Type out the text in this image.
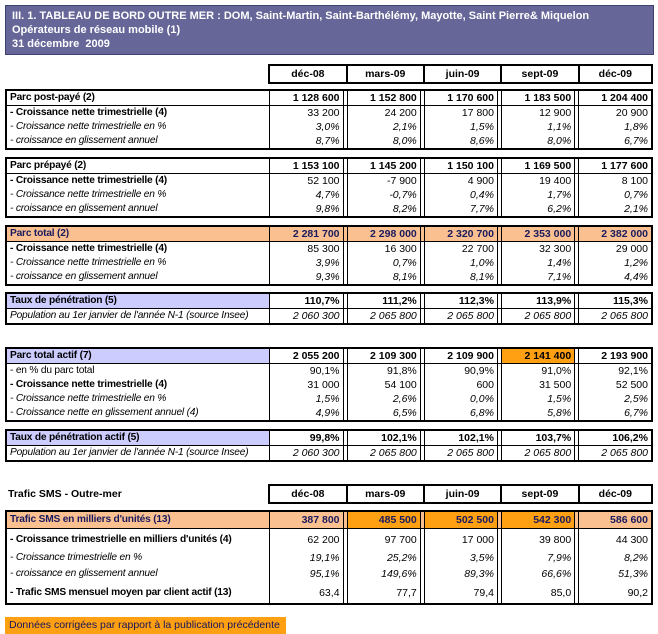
III. 1. TABLEAU DE BORD OUTRE MER : DOM, Saint-Martin, Saint-Barthélémy, Mayotte, Saint Pierre& Miquelon
Opérateurs de réseau mobile (1)
31 décembre  2009
	déc-08	mars-09	juin-09	sept-09	déc-09
Parc post-payé (2)	1 128 600		1 152 800		1 170 600		1 183 500		1 204 400
- Croissance nette trimestrielle (4)	33 200		24 200		17 800		12 900		20 900
- Croissance nette trimestrielle en %	3,0%		2,1%		1,5%		1,1%		1,8%
- croissance en glissement annuel	8,7%		8,0%		8,6%		8,0%		6,7%
Parc prépayé (2)	1 153 100		1 145 200		1 150 100		1 169 500		1 177 600
- Croissance nette trimestrielle (4)	52 100		-7 900		4 900		19 400		8 100
- Croissance nette trimestrielle en %	4,7%		-0,7%		0,4%		1,7%		0,7%
- croissance en glissement annuel	9,8%		8,2%		7,7%		6,2%		2,1%
Parc total (2)	2 281 700		2 298 000		2 320 700		2 353 000		2 382 000
- Croissance nette trimestrielle (4)	85 300		16 300		22 700		32 300		29 000
- Croissance nette trimestrielle en %	3,9%		0,7%		1,0%		1,4%		1,2%
- croissance en glissement annuel	9,3%		8,1%		8,1%		7,1%		4,4%
Taux de pénétration (5)	110,7%		111,2%		112,3%		113,9%		115,3%
Population au 1er janvier de l'année N-1 (source Insee)	2 060 300		2 065 800		2 065 800		2 065 800		2 065 800
Parc total actif (7)	2 055 200		2 109 300		2 109 900		2 141 400		2 193 900
- en % du parc total	90,1%		91,8%		90,9%		91,0%		92,1%
- Croissance nette trimestrielle (4)	31 000		54 100		600		31 500		52 500
- Croissance nette trimestrielle en %	1,5%		2,6%		0,0%		1,5%		2,5%
- Croissance nette en glissement annuel (4)	4,9%		6,5%		6,8%		5,8%		6,7%
Taux de pénétration actif (5)	99,8%		102,1%		102,1%		103,7%		106,2%
Population au 1er janvier de l'année N-1 (source Insee)	2 060 300		2 065 800		2 065 800		2 065 800		2 065 800
Trafic SMS - Outre-mer	déc-08	mars-09	juin-09	sept-09	déc-09
Trafic SMS en milliers d'unités (13)	387 800		485 500		502 500		542 300		586 600
- Croissance trimestrielle en milliers d'unités (4)	62 200		97 700		17 000		39 800		44 300
- Croissance trimestrielle en %	19,1%		25,2%		3,5%		7,9%		8,2%
- croissance en glissement annuel	95,1%		149,6%		89,3%		66,6%		51,3%
- Trafic SMS mensuel moyen par client actif (13)	63,4		77,7		79,4		85,0		90,2
Données corrigées par rapport à la publication précédente
